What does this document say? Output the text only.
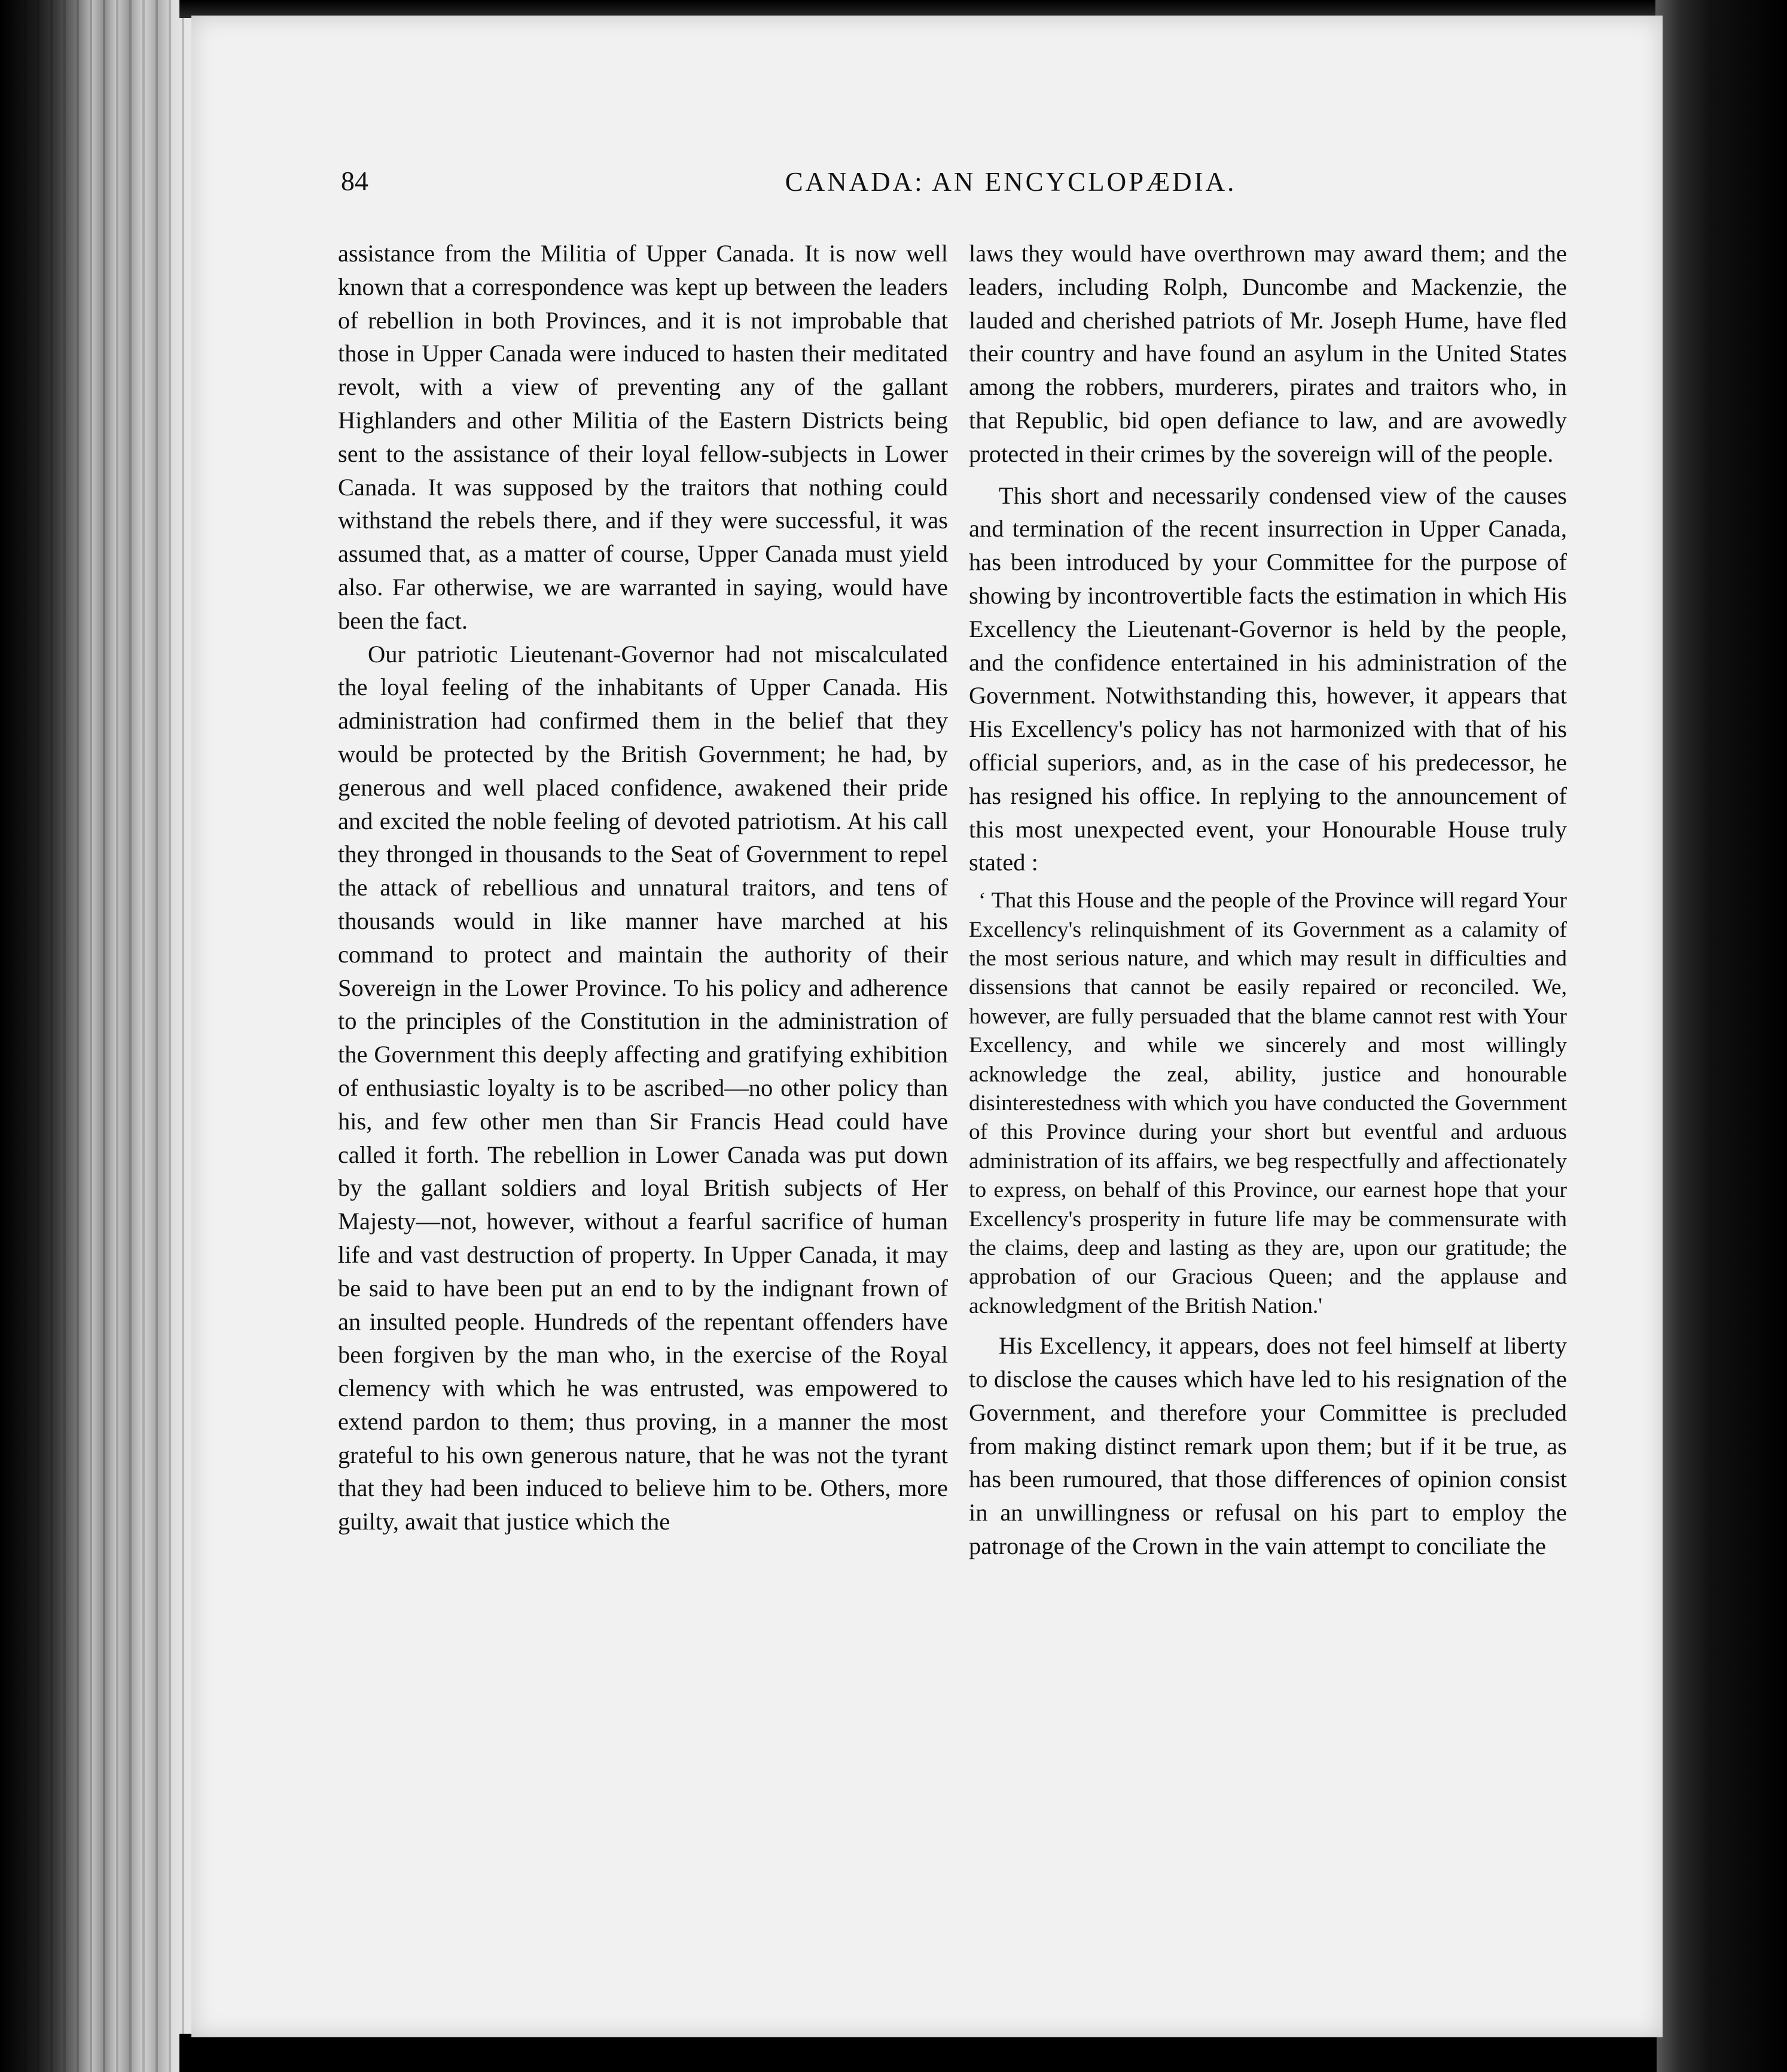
84	CANADA: AN ENCYCLOPÆDIA.

assistance from the Militia of Upper Canada. It is now well known that a correspondence was kept up between the leaders of rebellion in both Provinces, and it is not improbable that those in Upper Canada were induced to hasten their meditated revolt, with a view of preventing any of the gallant Highlanders and other Militia of the Eastern Districts being sent to the assistance of their loyal fellow-subjects in Lower Canada. It was supposed by the traitors that nothing could withstand the rebels there, and if they were successful, it was assumed that, as a matter of course, Upper Canada must yield also. Far otherwise, we are warranted in saying, would have been the fact.

Our patriotic Lieutenant-Governor had not miscalculated the loyal feeling of the inhabitants of Upper Canada. His administration had confirmed them in the belief that they would be protected by the British Government; he had, by generous and well placed confidence, awakened their pride and excited the noble feeling of devoted patriotism. At his call they thronged in thousands to the Seat of Government to repel the attack of rebellious and unnatural traitors, and tens of thousands would in like manner have marched at his command to protect and maintain the authority of their Sovereign in the Lower Province. To his policy and adherence to the principles of the Constitution in the administration of the Government this deeply affecting and gratifying exhibition of enthusiastic loyalty is to be ascribed—no other policy than his, and few other men than Sir Francis Head could have called it forth. The rebellion in Lower Canada was put down by the gallant soldiers and loyal British subjects of Her Majesty—not, however, without a fearful sacrifice of human life and vast destruction of property. In Upper Canada, it may be said to have been put an end to by the indignant frown of an insulted people. Hundreds of the repentant offenders have been forgiven by the man who, in the exercise of the Royal clemency with which he was entrusted, was empowered to extend pardon to them; thus proving, in a manner the most grateful to his own generous nature, that he was not the tyrant that they had been induced to believe him to be. Others, more guilty, await that justice which the

laws they would have overthrown may award them; and the leaders, including Rolph, Duncombe and Mackenzie, the lauded and cherished patriots of Mr. Joseph Hume, have fled their country and have found an asylum in the United States among the robbers, murderers, pirates and traitors who, in that Republic, bid open defiance to law, and are avowedly protected in their crimes by the sovereign will of the people.

This short and necessarily condensed view of the causes and termination of the recent insurrection in Upper Canada, has been introduced by your Committee for the purpose of showing by incontrovertible facts the estimation in which His Excellency the Lieutenant-Governor is held by the people, and the confidence entertained in his administration of the Government. Notwithstanding this, however, it appears that His Excellency's policy has not harmonized with that of his official superiors, and, as in the case of his predecessor, he has resigned his office. In replying to the announcement of this most unexpected event, your Honourable House truly stated :

‘ That this House and the people of the Province will regard Your Excellency's relinquishment of its Government as a calamity of the most serious nature, and which may result in difficulties and dissensions that cannot be easily repaired or reconciled. We, however, are fully persuaded that the blame cannot rest with Your Excellency, and while we sincerely and most willingly acknowledge the zeal, ability, justice and honourable disinterestedness with which you have conducted the Government of this Province during your short but eventful and arduous administration of its affairs, we beg respectfully and affectionately to express, on behalf of this Province, our earnest hope that your Excellency's prosperity in future life may be commensurate with the claims, deep and lasting as they are, upon our gratitude; the approbation of our Gracious Queen; and the applause and acknowledgment of the British Nation.'

His Excellency, it appears, does not feel himself at liberty to disclose the causes which have led to his resignation of the Government, and therefore your Committee is precluded from making distinct remark upon them; but if it be true, as has been rumoured, that those differences of opinion consist in an unwillingness or refusal on his part to employ the patronage of the Crown in the vain attempt to conciliate the
